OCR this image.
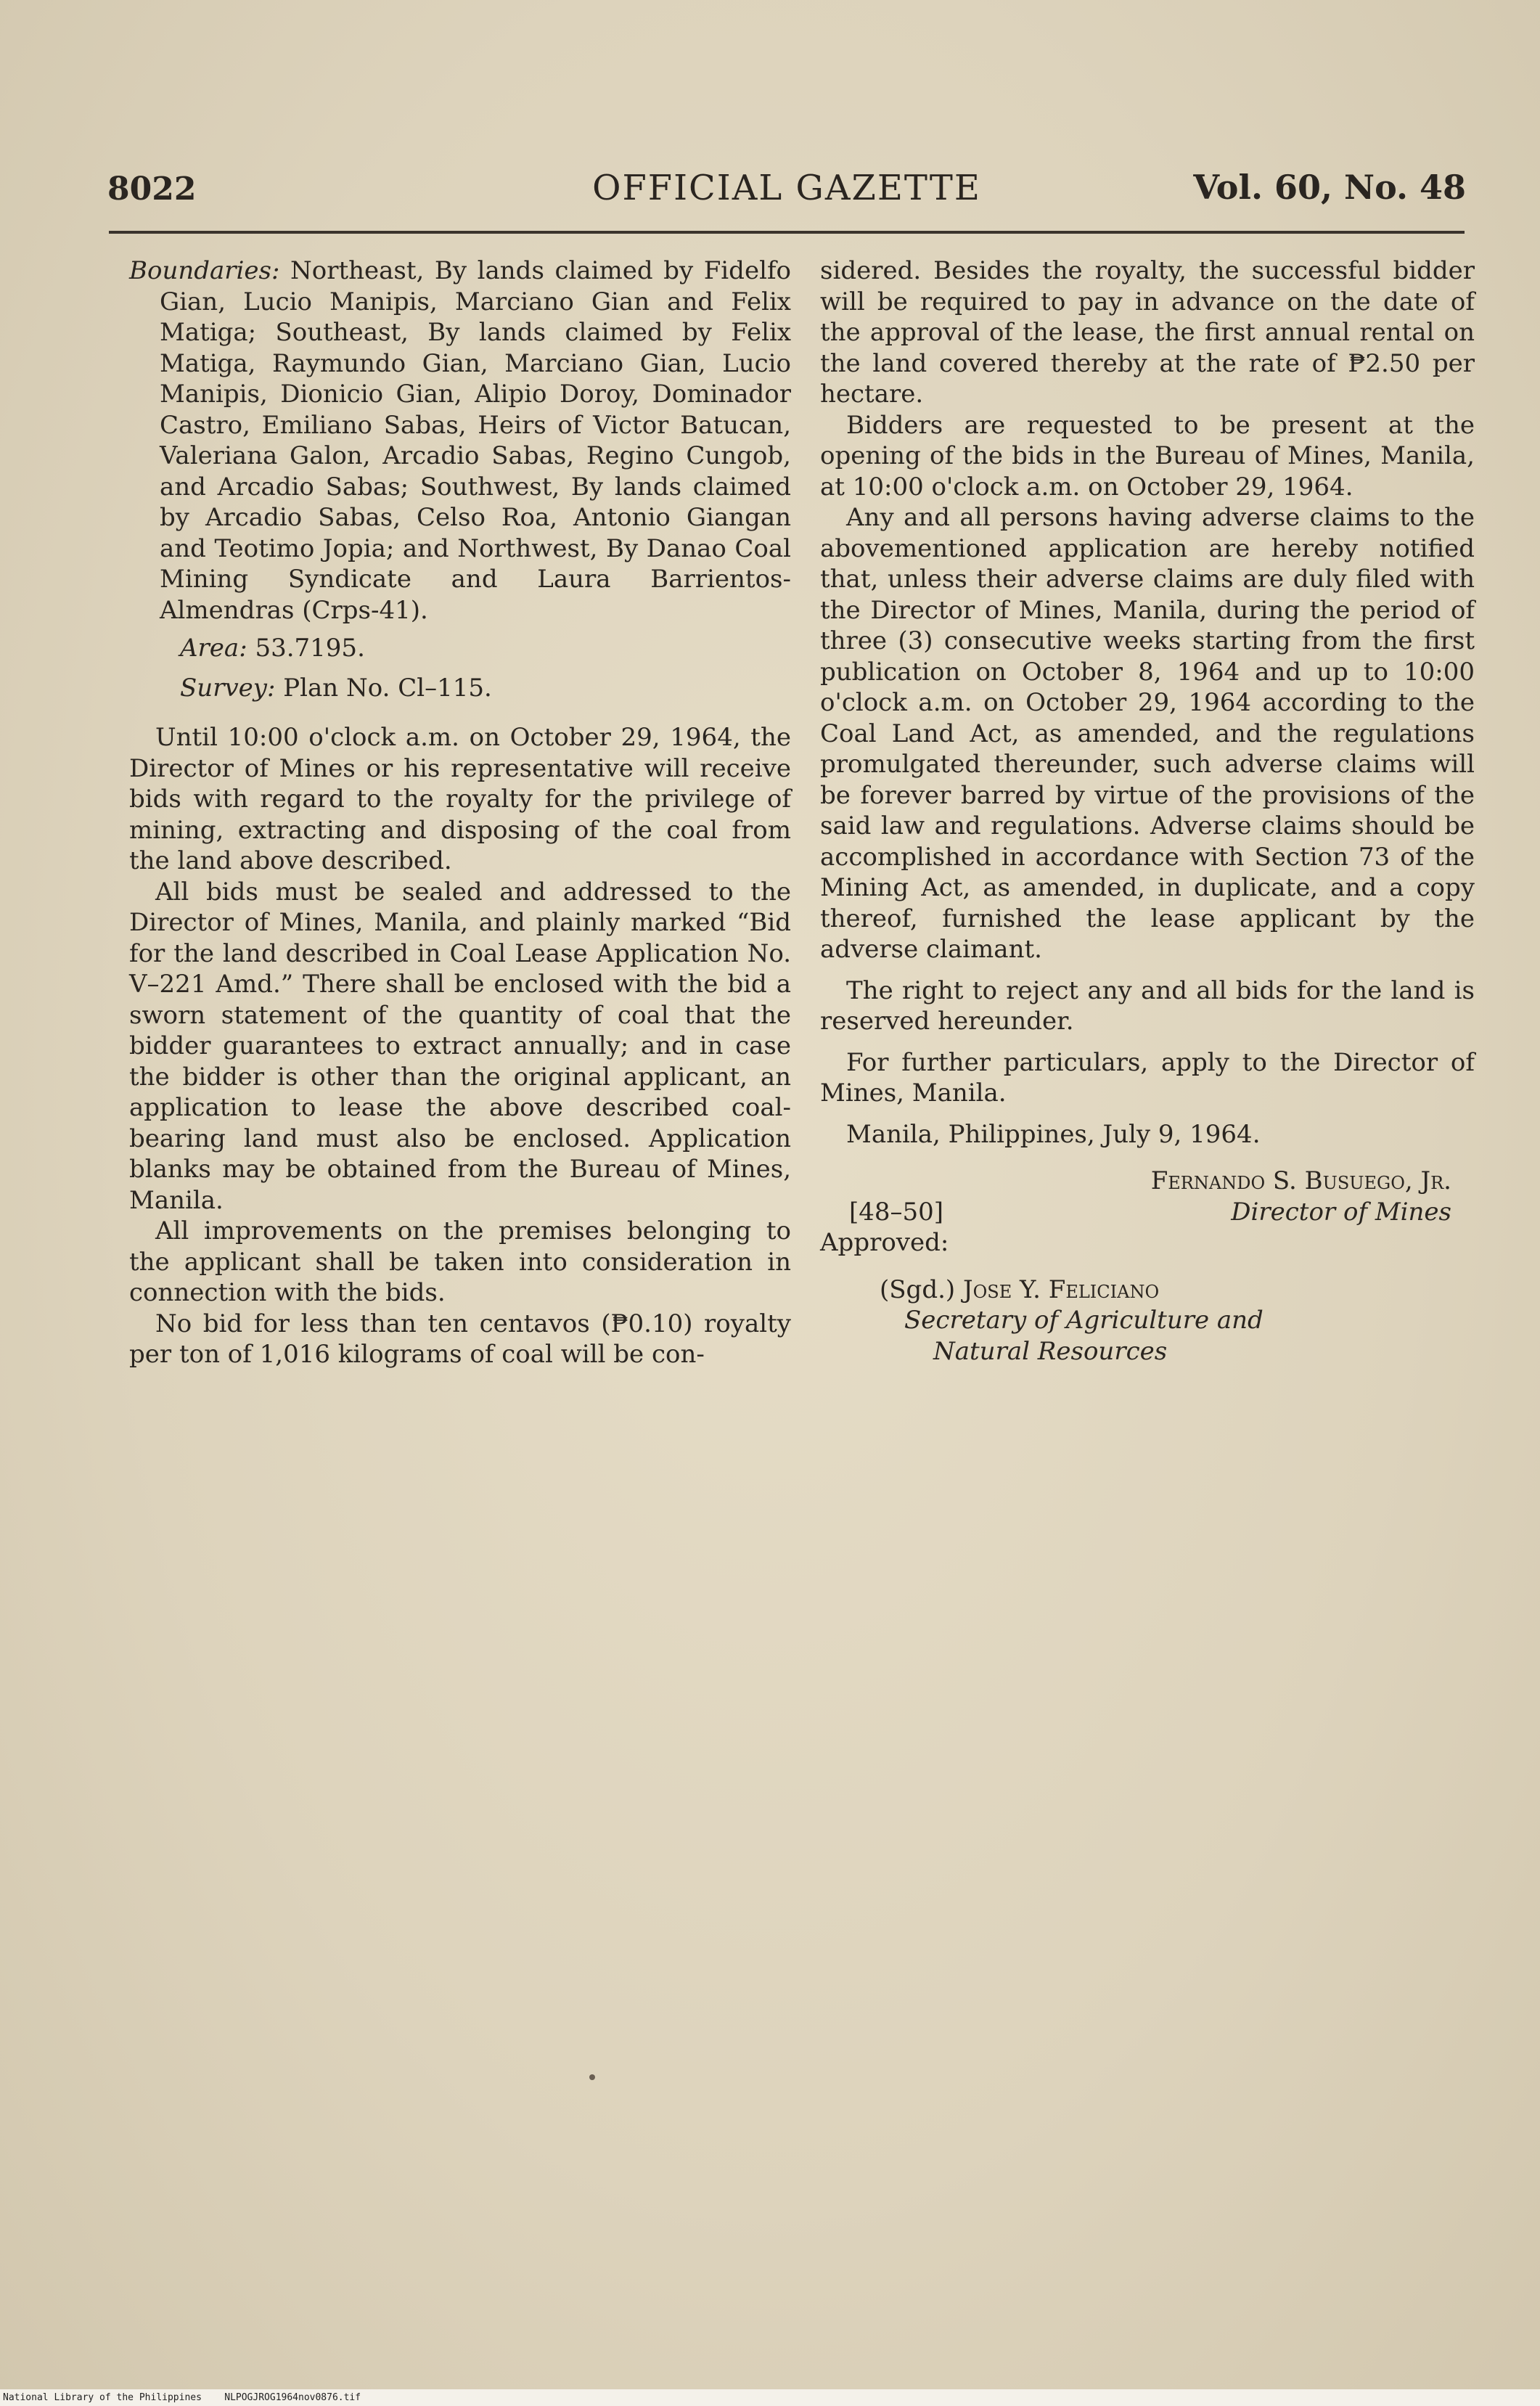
8022	OFFICIAL GAZETTE	Vol. 60, No. 48

Boundaries: Northeast, By lands claimed by Fidelfo Gian, Lucio Manipis, Marciano Gian and Felix Matiga; Southeast, By lands claimed by Felix Matiga, Raymundo Gian, Marciano Gian, Lucio Manipis, Dionicio Gian, Alipio Doroy, Dominador Castro, Emiliano Sabas, Heirs of Victor Batucan, Valeriana Galon, Arcadio Sabas, Regino Cungob, and Arcadio Sabas; Southwest, By lands claimed by Arcadio Sabas, Celso Roa, Antonio Giangan and Teotimo Jopia; and Northwest, By Danao Coal Mining Syndicate and Laura Barrientos-Almendras (Crps-41).

Area: 53.7195.

Survey: Plan No. Cl–115.

Until 10:00 o'clock a.m. on October 29, 1964, the Director of Mines or his representative will receive bids with regard to the royalty for the privilege of mining, extracting and disposing of the coal from the land above described.

All bids must be sealed and addressed to the Director of Mines, Manila, and plainly marked “Bid for the land described in Coal Lease Application No. V–221 Amd.” There shall be enclosed with the bid a sworn statement of the quantity of coal that the bidder guarantees to extract annually; and in case the bidder is other than the original applicant, an application to lease the above described coal-bearing land must also be enclosed. Application blanks may be obtained from the Bureau of Mines, Manila.

All improvements on the premises belonging to the applicant shall be taken into consideration in connection with the bids.

No bid for less than ten centavos (₱0.10) royalty per ton of 1,016 kilograms of coal will be con-

sidered. Besides the royalty, the successful bidder will be required to pay in advance on the date of the approval of the lease, the first annual rental on the land covered thereby at the rate of ₱2.50 per hectare.

Bidders are requested to be present at the opening of the bids in the Bureau of Mines, Manila, at 10:00 o'clock a.m. on October 29, 1964.

Any and all persons having adverse claims to the abovementioned application are hereby notified that, unless their adverse claims are duly filed with the Director of Mines, Manila, during the period of three (3) consecutive weeks starting from the first publication on October 8, 1964 and up to 10:00 o'clock a.m. on October 29, 1964 according to the Coal Land Act, as amended, and the regulations promulgated thereunder, such adverse claims will be forever barred by virtue of the provisions of the said law and regulations. Adverse claims should be accomplished in accordance with Section 73 of the Mining Act, as amended, in duplicate, and a copy thereof, furnished the lease applicant by the adverse claimant.

The right to reject any and all bids for the land is reserved hereunder.

For further particulars, apply to the Director of Mines, Manila.

Manila, Philippines, July 9, 1964.

Fernando S. Busuego, Jr.

[48–50]	Director of Mines

Approved:

(Sgd.) Jose Y. Feliciano
Secretary of Agriculture and
Natural Resources
National Library of the Philippines NLPOGJROG1964nov0876.tif
